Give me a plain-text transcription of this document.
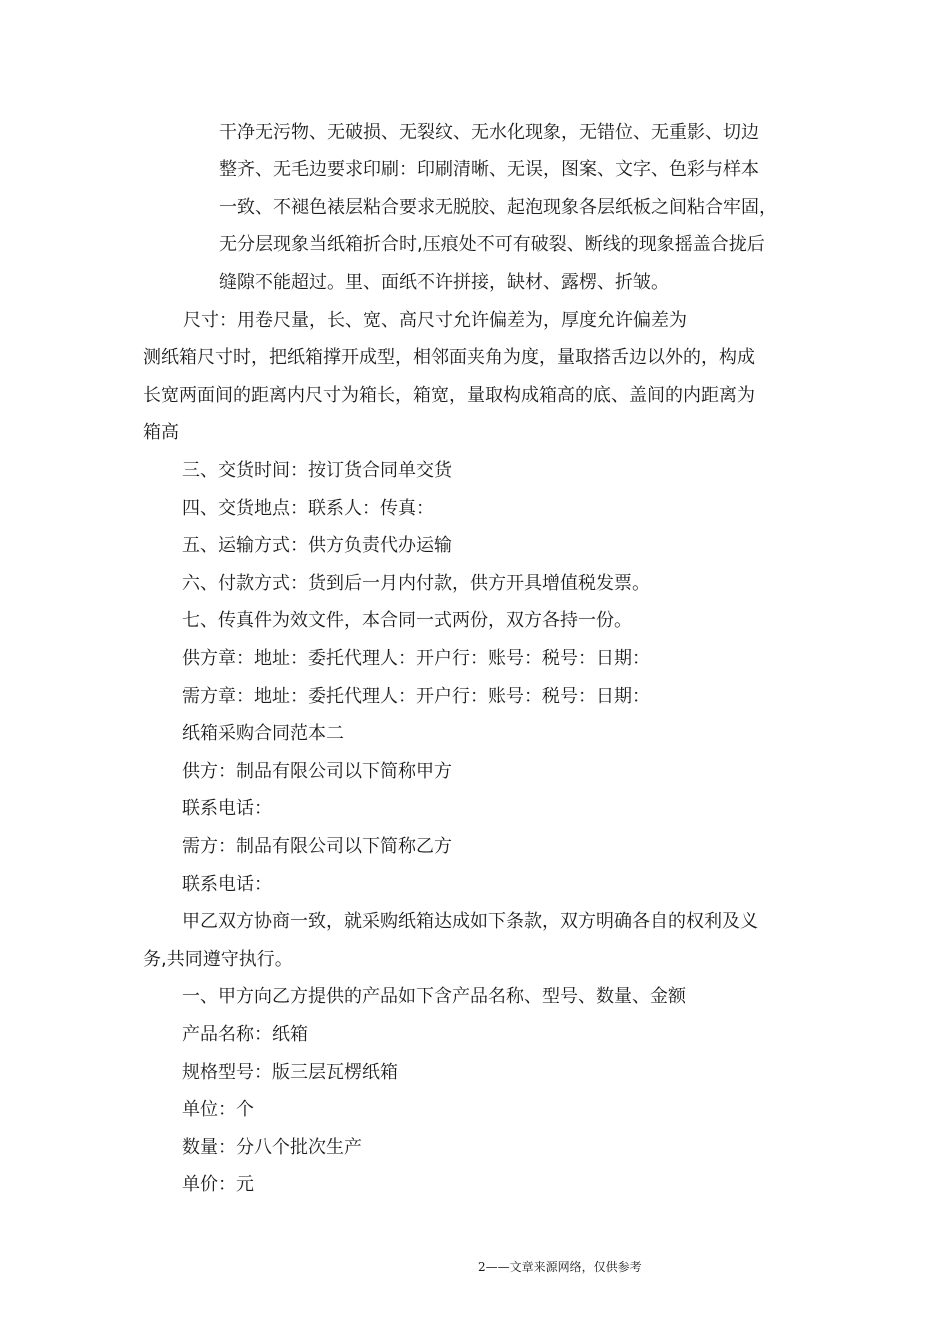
干净无污物、无破损、无裂纹、无水化现象，无错位、无重影、切边
整齐、无毛边要求印刷：印刷清晰、无误，图案、文字、色彩与样本
一致、不褪色裱层粘合要求无脱胶、起泡现象各层纸板之间粘合牢固，
无分层现象当纸箱折合时,压痕处不可有破裂、断线的现象摇盖合拢后
缝隙不能超过。里、面纸不许拼接，缺材、露楞、折皱。
尺寸：用卷尺量，长、宽、高尺寸允许偏差为，厚度允许偏差为
测纸箱尺寸时，把纸箱撑开成型，相邻面夹角为度，量取搭舌边以外的，构成
长宽两面间的距离内尺寸为箱长，箱宽，量取构成箱高的底、盖间的内距离为
箱高
三、交货时间：按订货合同单交货
四、交货地点：联系人：传真：
五、运输方式：供方负责代办运输
六、付款方式：货到后一月内付款，供方开具增值税发票。
七、传真件为效文件，本合同一式两份，双方各持一份。
供方章：地址：委托代理人：开户行：账号：税号：日期：
需方章：地址：委托代理人：开户行：账号：税号：日期：
纸箱采购合同范本二
供方：制品有限公司以下简称甲方
联系电话：
需方：制品有限公司以下简称乙方
联系电话：
甲乙双方协商一致，就采购纸箱达成如下条款，双方明确各自的权利及义
务,共同遵守执行。
一、甲方向乙方提供的产品如下含产品名称、型号、数量、金额
产品名称：纸箱
规格型号：版三层瓦楞纸箱
单位：个
数量：分八个批次生产
单价：元
2——文章来源网络，仅供参考
